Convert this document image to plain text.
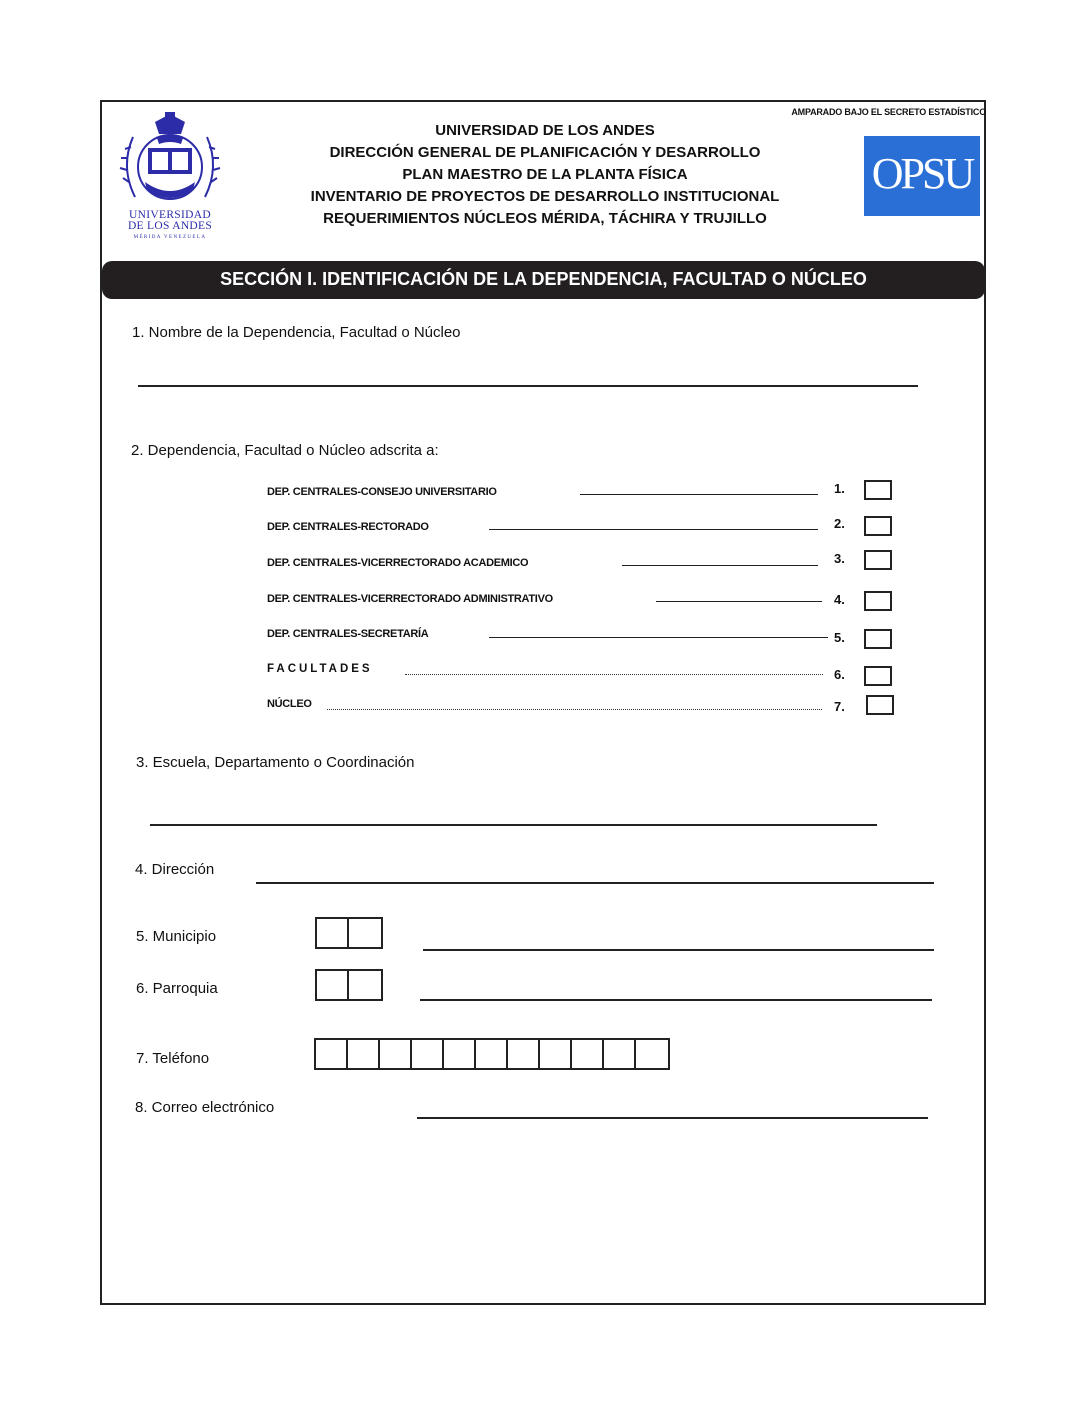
AMPARADO BAJO EL SECRETO ESTADÍSTICO
UNIVERSIDAD
DE LOS ANDES
MÉRIDA VENEZUELA
UNIVERSIDAD DE LOS ANDES
DIRECCIÓN GENERAL DE PLANIFICACIÓN Y DESARROLLO
PLAN MAESTRO DE LA PLANTA FÍSICA
INVENTARIO DE PROYECTOS DE DESARROLLO INSTITUCIONAL
REQUERIMIENTOS NÚCLEOS MÉRIDA, TÁCHIRA Y TRUJILLO
OPSU
SECCIÓN I. IDENTIFICACIÓN DE LA DEPENDENCIA, FACULTAD O NÚCLEO
1. Nombre de la Dependencia, Facultad o Núcleo
2. Dependencia, Facultad o Núcleo adscrita a:
DEP. CENTRALES-CONSEJO UNIVERSITARIO	1.
DEP. CENTRALES-RECTORADO	2.
DEP. CENTRALES-VICERRECTORADO ACADEMICO	3.
DEP. CENTRALES-VICERRECTORADO ADMINISTRATIVO	4.
DEP. CENTRALES-SECRETARÍA	5.
FACULTADES	6.
NÚCLEO	7.
3. Escuela, Departamento o Coordinación
4. Dirección
5. Municipio
6. Parroquia
7. Teléfono
8. Correo electrónico
